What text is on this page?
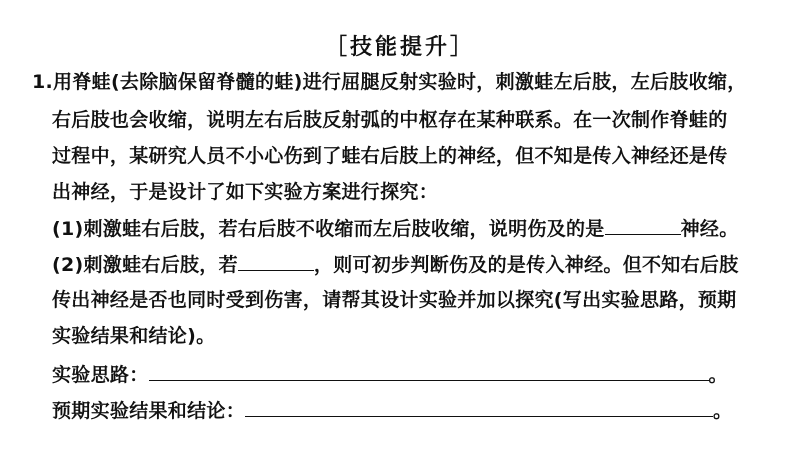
［技能提升］
1.用脊蛙(去除脑保留脊髓的蛙)进行屈腿反射实验时，刺激蛙左后肢，左后肢收缩，
右后肢也会收缩，说明左右后肢反射弧的中枢存在某种联系。在一次制作脊蛙的
过程中，某研究人员不小心伤到了蛙右后肢上的神经，但不知是传入神经还是传
出神经，于是设计了如下实验方案进行探究：
(1)刺激蛙右后肢，若右后肢不收缩而左后肢收缩，说明伤及的是	神经。
(2)刺激蛙右后肢，若	，则可初步判断伤及的是传入神经。但不知右后肢
传出神经是否也同时受到伤害，请帮其设计实验并加以探究(写出实验思路，预期
实验结果和结论)。
实验思路：	。
预期实验结果和结论：	。
